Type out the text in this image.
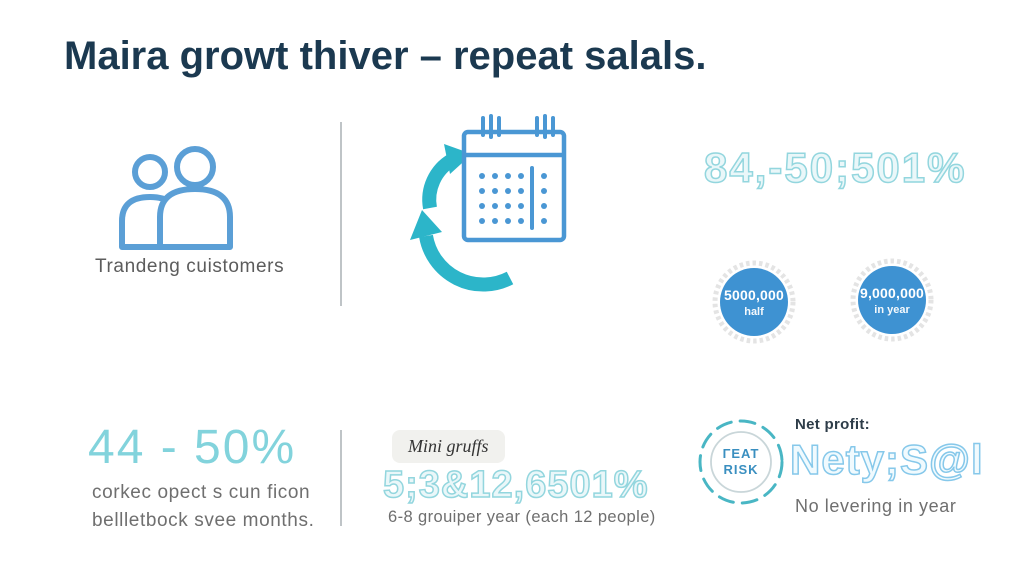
Maira growt thiver – repeat salals.
Trandeng cuistomers
84,-50;501%
5000,000
half
9,000,000
in year
44 - 50%
corkec opect s cun ficon
bellletbock svee months.
Mini gruffs
5;3&12,6501%
6-8 grouiper year (each 12 people)
ΓEAT
RISK
Net profit:
Nety;S@l
No levering in year
